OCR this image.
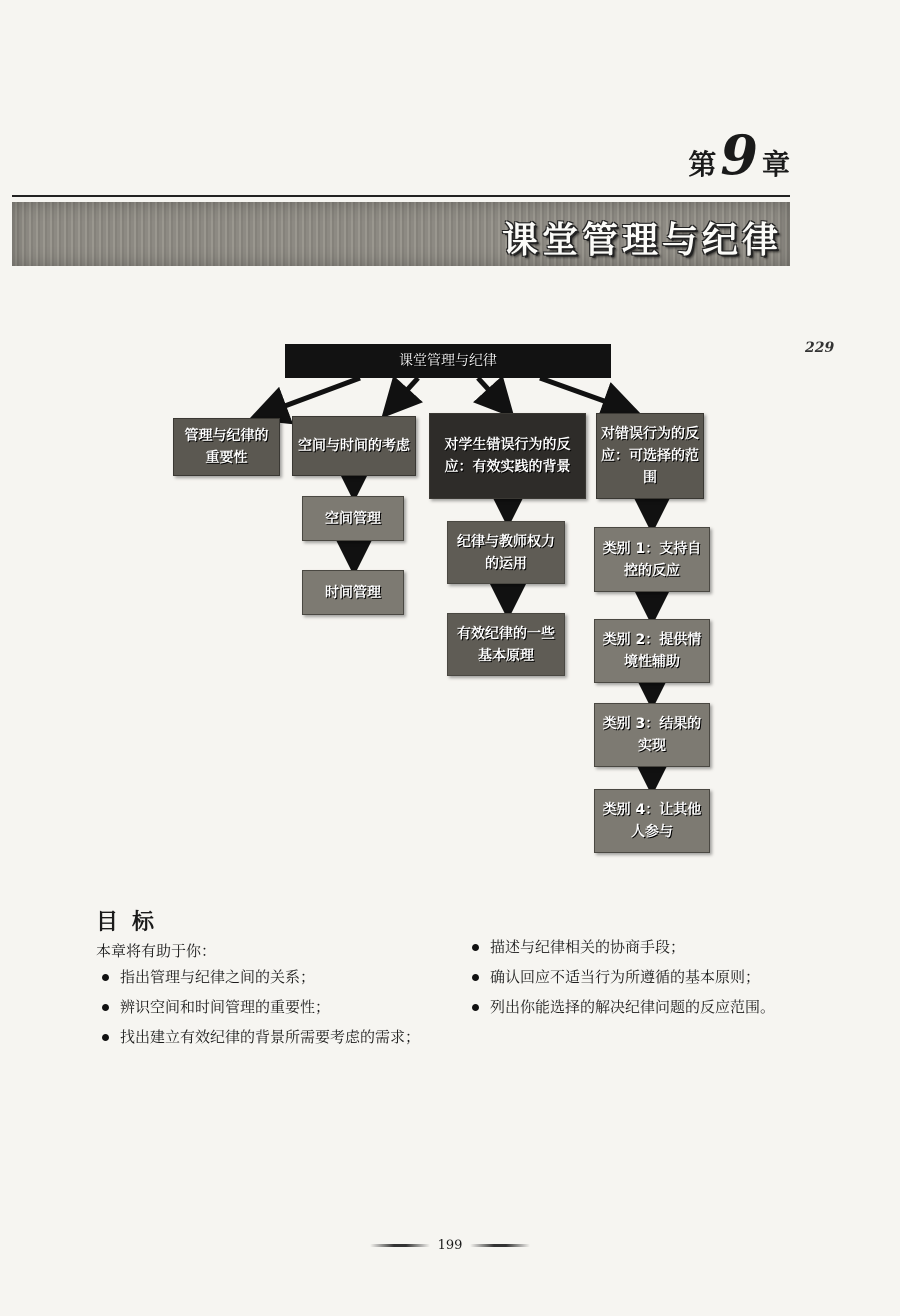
第 9 章
课堂管理与纪律
229
课堂管理与纪律
管理与纪律的重要性
空间与时间的考虑	对学生错误行为的反应：有效实践的背景
对错误行为的反应：可选择的范围
空间管理
时间管理
纪律与教师权力的运用
有效纪律的一些基本原理
类别 1：支持自控的反应
类别 2：提供情境性辅助
类别 3：结果的实现
类别 4：让其他人参与
目标
本章将有助于你：
指出管理与纪律之间的关系；
辨识空间和时间管理的重要性；
找出建立有效纪律的背景所需要考虑的需求；
描述与纪律相关的协商手段；
确认回应不适当行为所遵循的基本原则；
列出你能选择的解决纪律问题的反应范围。
199
